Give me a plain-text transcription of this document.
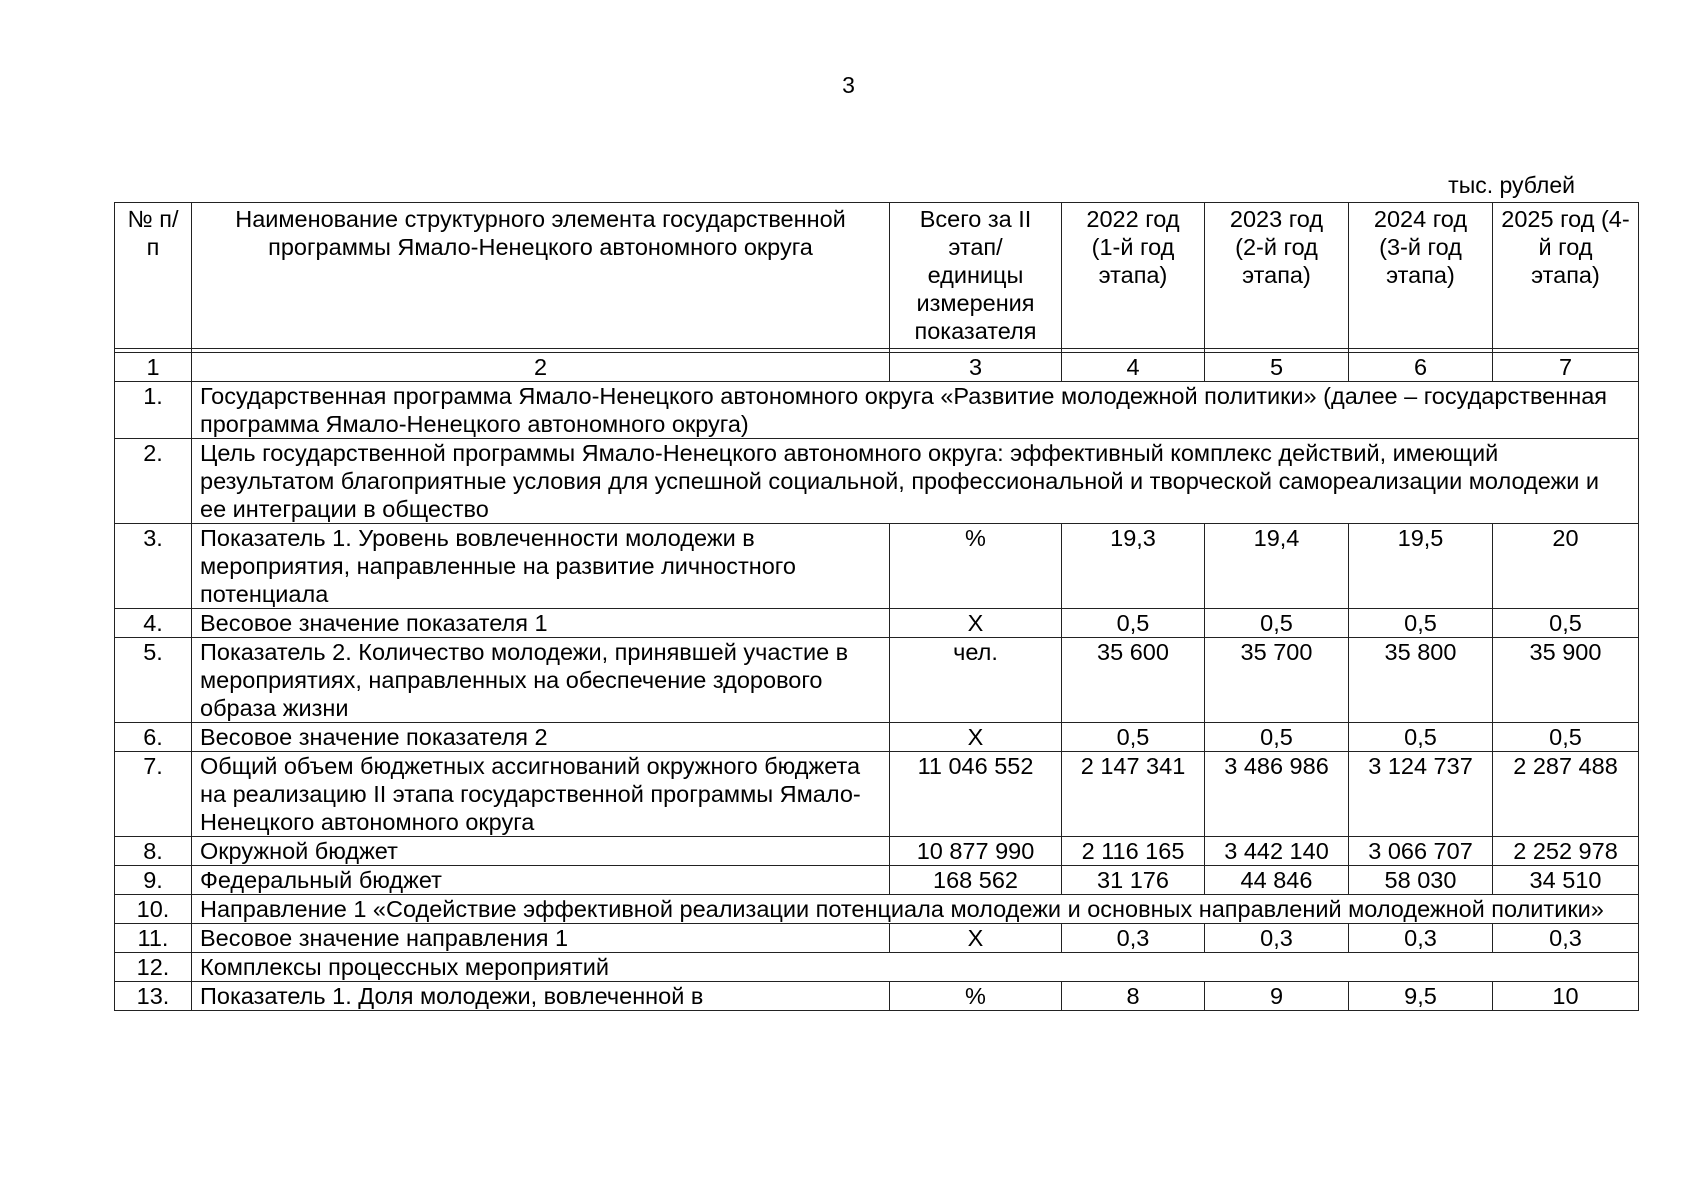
3
тыс. рублей
№ п/п	Наименование структурного элемента государственной программы Ямало-Ненецкого автономного округа	Всего за II этап/ единицы измерения показателя	2022 год (1-й год этапа)	2023 год (2-й год этапа)	2024 год (3-й год этапа)	2025 год (4-й год этапа)

1	2	3	4	5	6	7
1.	Государственная программа Ямало-Ненецкого автономного округа «Развитие молодежной политики» (далее – государственная программа Ямало-Ненецкого автономного округа)					
2.	Цель государственной программы Ямало-Ненецкого автономного округа: эффективный комплекс действий, имеющий результатом благоприятные условия для успешной социальной, профессиональной и творческой самореализации молодежи и ее интеграции в общество					
3.	Показатель 1. Уровень вовлеченности молодежи в мероприятия, направленные на развитие личностного потенциала	%	19,3	19,4	19,5	20
4.	Весовое значение показателя 1	Х	0,5	0,5	0,5	0,5
5.	Показатель 2. Количество молодежи, принявшей участие в мероприятиях, направленных на обеспечение здорового образа жизни	чел.	35 600	35 700	35 800	35 900
6.	Весовое значение показателя 2	Х	0,5	0,5	0,5	0,5
7.	Общий объем бюджетных ассигнований окружного бюджета на реализацию II этапа государственной программы Ямало-Ненецкого автономного округа	11 046 552	2 147 341	3 486 986	3 124 737	2 287 488
8.	Окружной бюджет	10 877 990	2 116 165	3 442 140	3 066 707	2 252 978
9.	Федеральный бюджет	168 562	31 176	44 846	58 030	34 510
10.	Направление 1 «Содействие эффективной реализации потенциала молодежи и основных направлений молодежной политики»					
11.	Весовое значение направления 1	Х	0,3	0,3	0,3	0,3
12.	Комплексы процессных мероприятий					
13.	Показатель 1. Доля молодежи, вовлеченной в	%	8	9	9,5	10
